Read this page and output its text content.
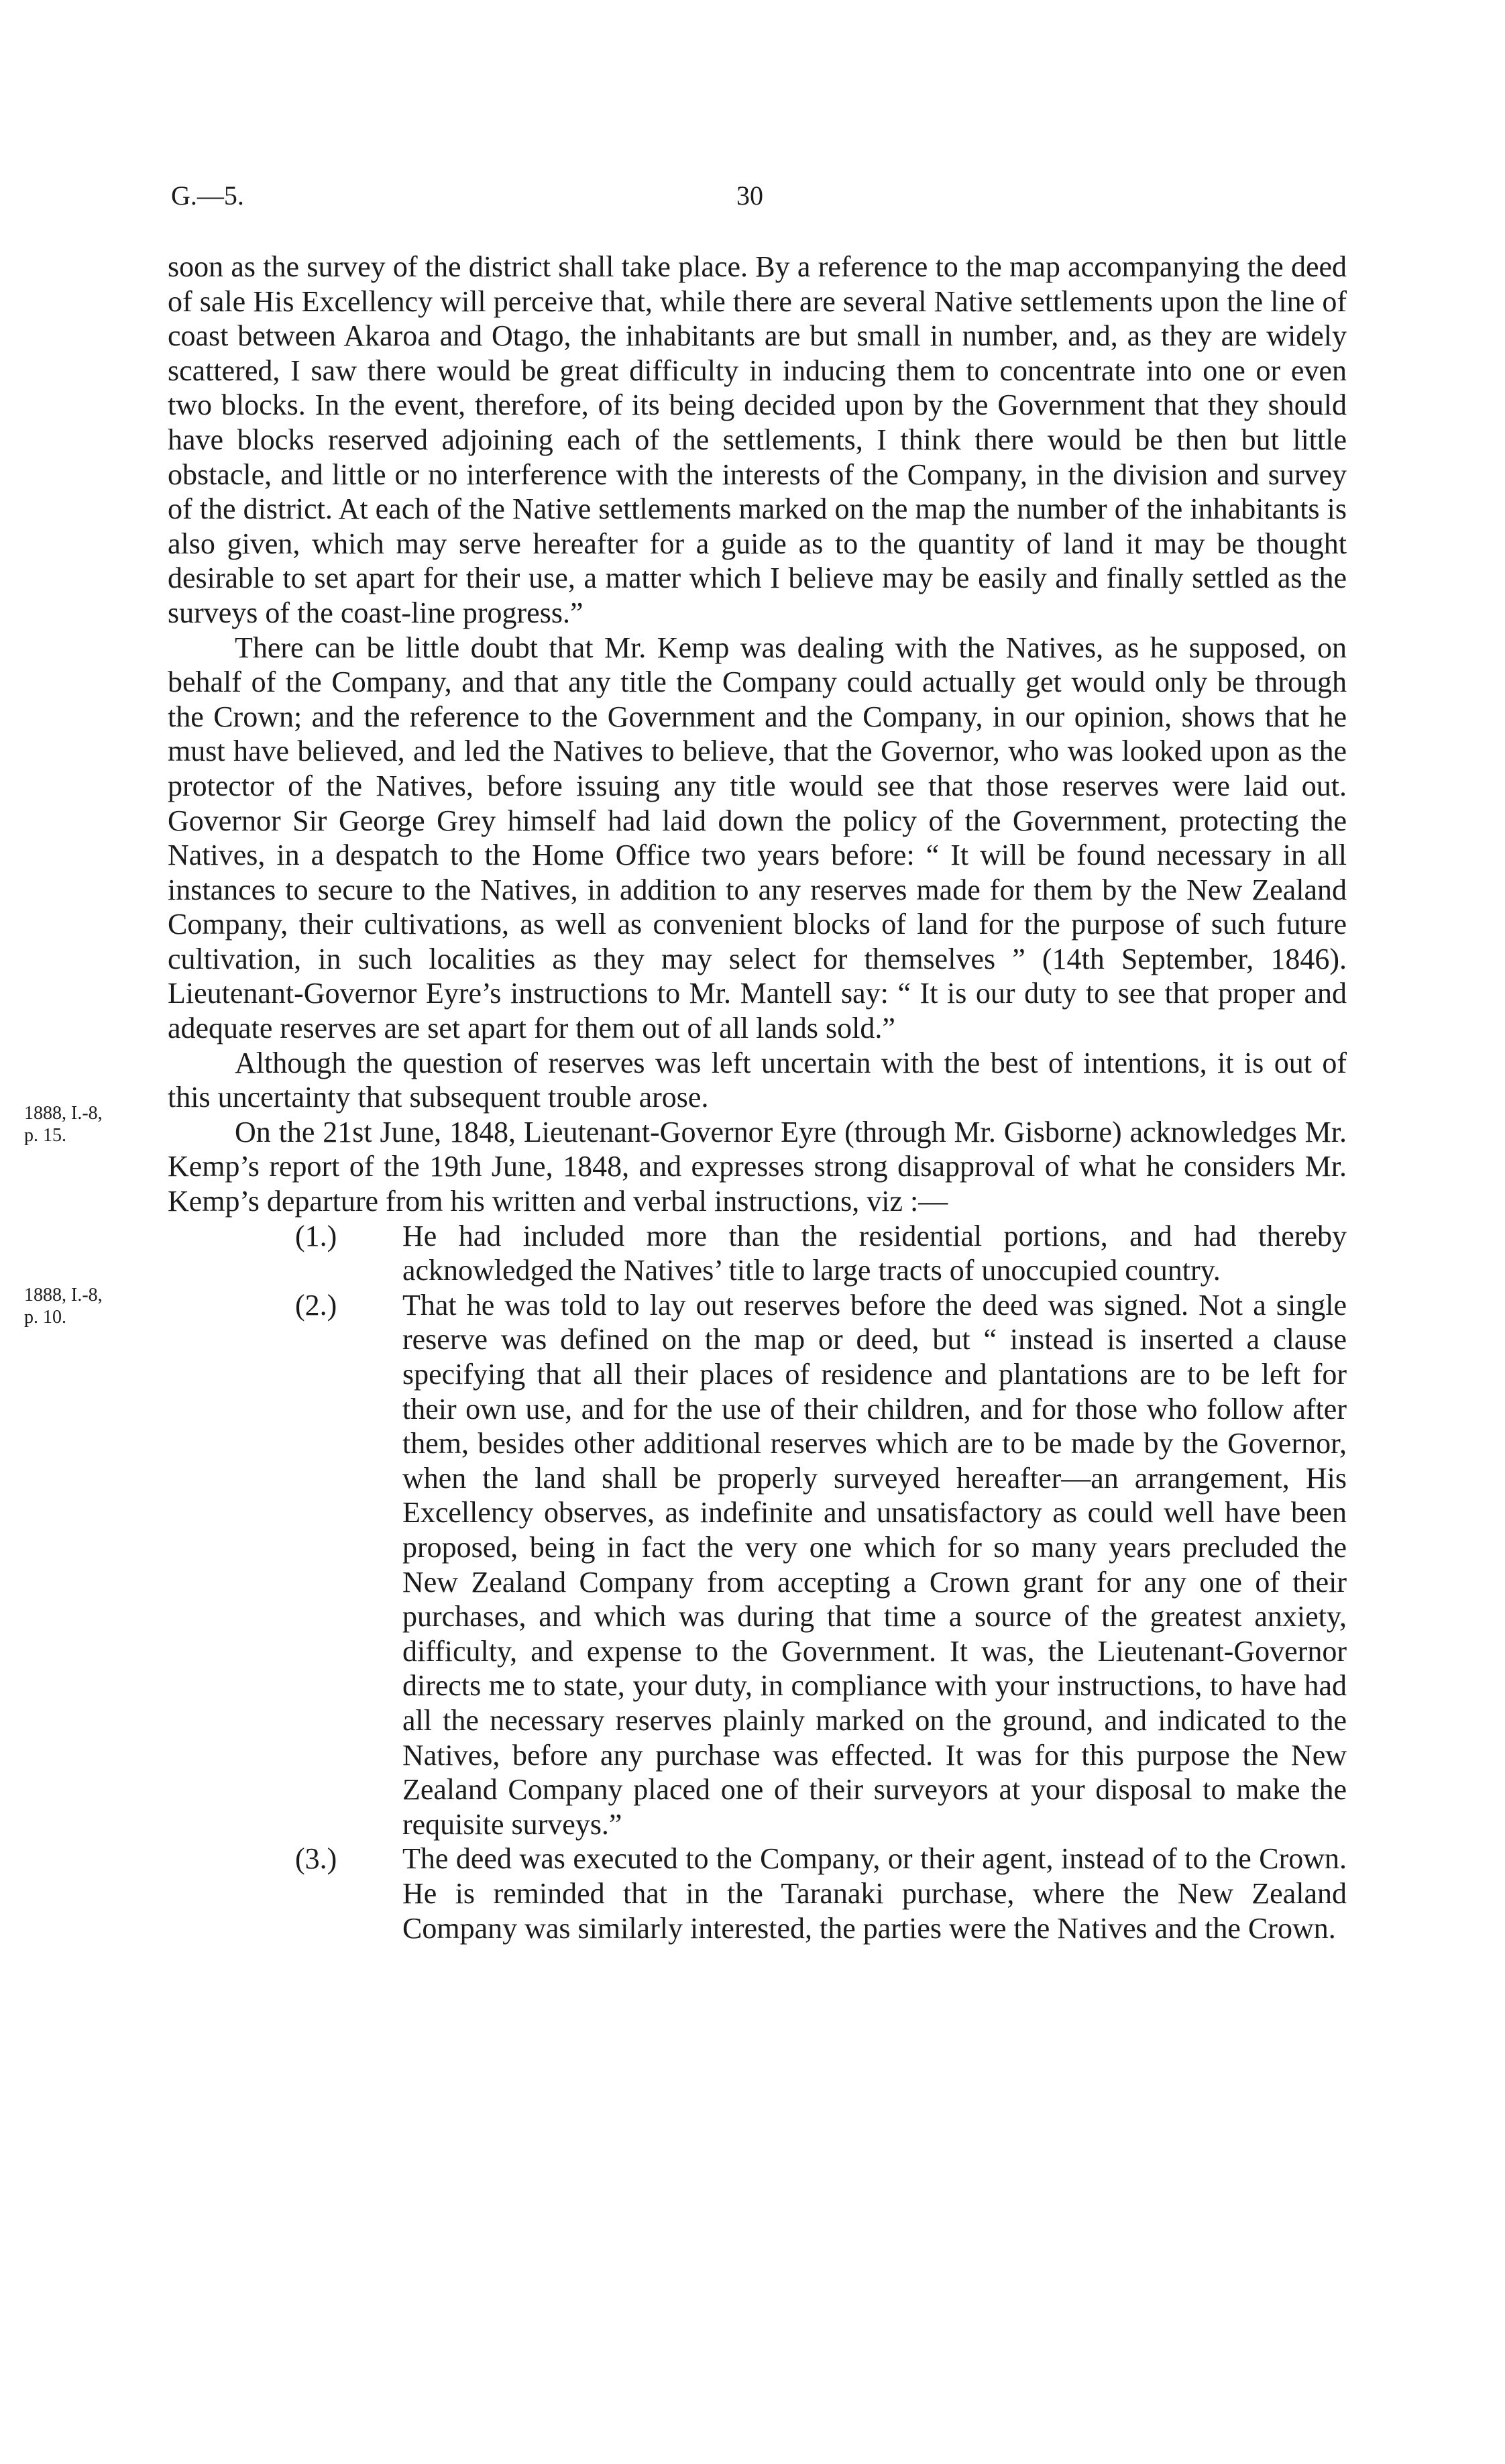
G.—5.	30
1888, I.-8,
p. 15.
1888, I.-8,
p. 10.

soon as the survey of the district shall take place. By a reference to the map accompanying the deed of sale His Excellency will perceive that, while there are several Native settlements upon the line of coast between Akaroa and Otago, the inhabitants are but small in number, and, as they are widely scattered, I saw there would be great difficulty in inducing them to concentrate into one or even two blocks. In the event, therefore, of its being decided upon by the Government that they should have blocks reserved adjoining each of the settlements, I think there would be then but little obstacle, and little or no interference with the interests of the Company, in the division and survey of the district. At each of the Native settlements marked on the map the number of the inhabitants is also given, which may serve hereafter for a guide as to the quantity of land it may be thought desirable to set apart for their use, a matter which I believe may be easily and finally settled as the surveys of the coast-line progress.”

There can be little doubt that Mr. Kemp was dealing with the Natives, as he supposed, on behalf of the Company, and that any title the Company could actually get would only be through the Crown; and the reference to the Government and the Company, in our opinion, shows that he must have believed, and led the Natives to believe, that the Governor, who was looked upon as the protector of the Natives, before issuing any title would see that those reserves were laid out. Governor Sir George Grey himself had laid down the policy of the Government, protecting the Natives, in a despatch to the Home Office two years before: “ It will be found necessary in all instances to secure to the Natives, in addition to any reserves made for them by the New Zealand Company, their cultivations, as well as convenient blocks of land for the purpose of such future cultivation, in such localities as they may select for themselves ” (14th September, 1846). Lieutenant-Governor Eyre’s instructions to Mr. Mantell say: “ It is our duty to see that proper and adequate reserves are set apart for them out of all lands sold.”

Although the question of reserves was left uncertain with the best of intentions, it is out of this uncertainty that subsequent trouble arose.

On the 21st June, 1848, Lieutenant-Governor Eyre (through Mr. Gisborne) acknowledges Mr. Kemp’s report of the 19th June, 1848, and expresses strong disapproval of what he considers Mr. Kemp’s departure from his written and verbal instructions, viz :—

(1.)	He had included more than the residential portions, and had thereby acknowledged the Natives’ title to large tracts of unoccupied country.
(2.)	That he was told to lay out reserves before the deed was signed. Not a single reserve was defined on the map or deed, but “ instead is inserted a clause specifying that all their places of residence and plantations are to be left for their own use, and for the use of their children, and for those who follow after them, besides other additional reserves which are to be made by the Governor, when the land shall be properly surveyed hereafter—an arrangement, His Excellency observes, as indefinite and unsatisfactory as could well have been proposed, being in fact the very one which for so many years precluded the New Zealand Company from accepting a Crown grant for any one of their purchases, and which was during that time a source of the greatest anxiety, difficulty, and expense to the Government. It was, the Lieutenant-Governor directs me to state, your duty, in compliance with your instructions, to have had all the necessary reserves plainly marked on the ground, and indicated to the Natives, before any purchase was effected. It was for this purpose the New Zealand Company placed one of their surveyors at your disposal to make the requisite surveys.”
(3.)	The deed was executed to the Company, or their agent, instead of to the Crown. He is reminded that in the Taranaki purchase, where the New Zealand Company was similarly interested, the parties were the Natives and the Crown.
